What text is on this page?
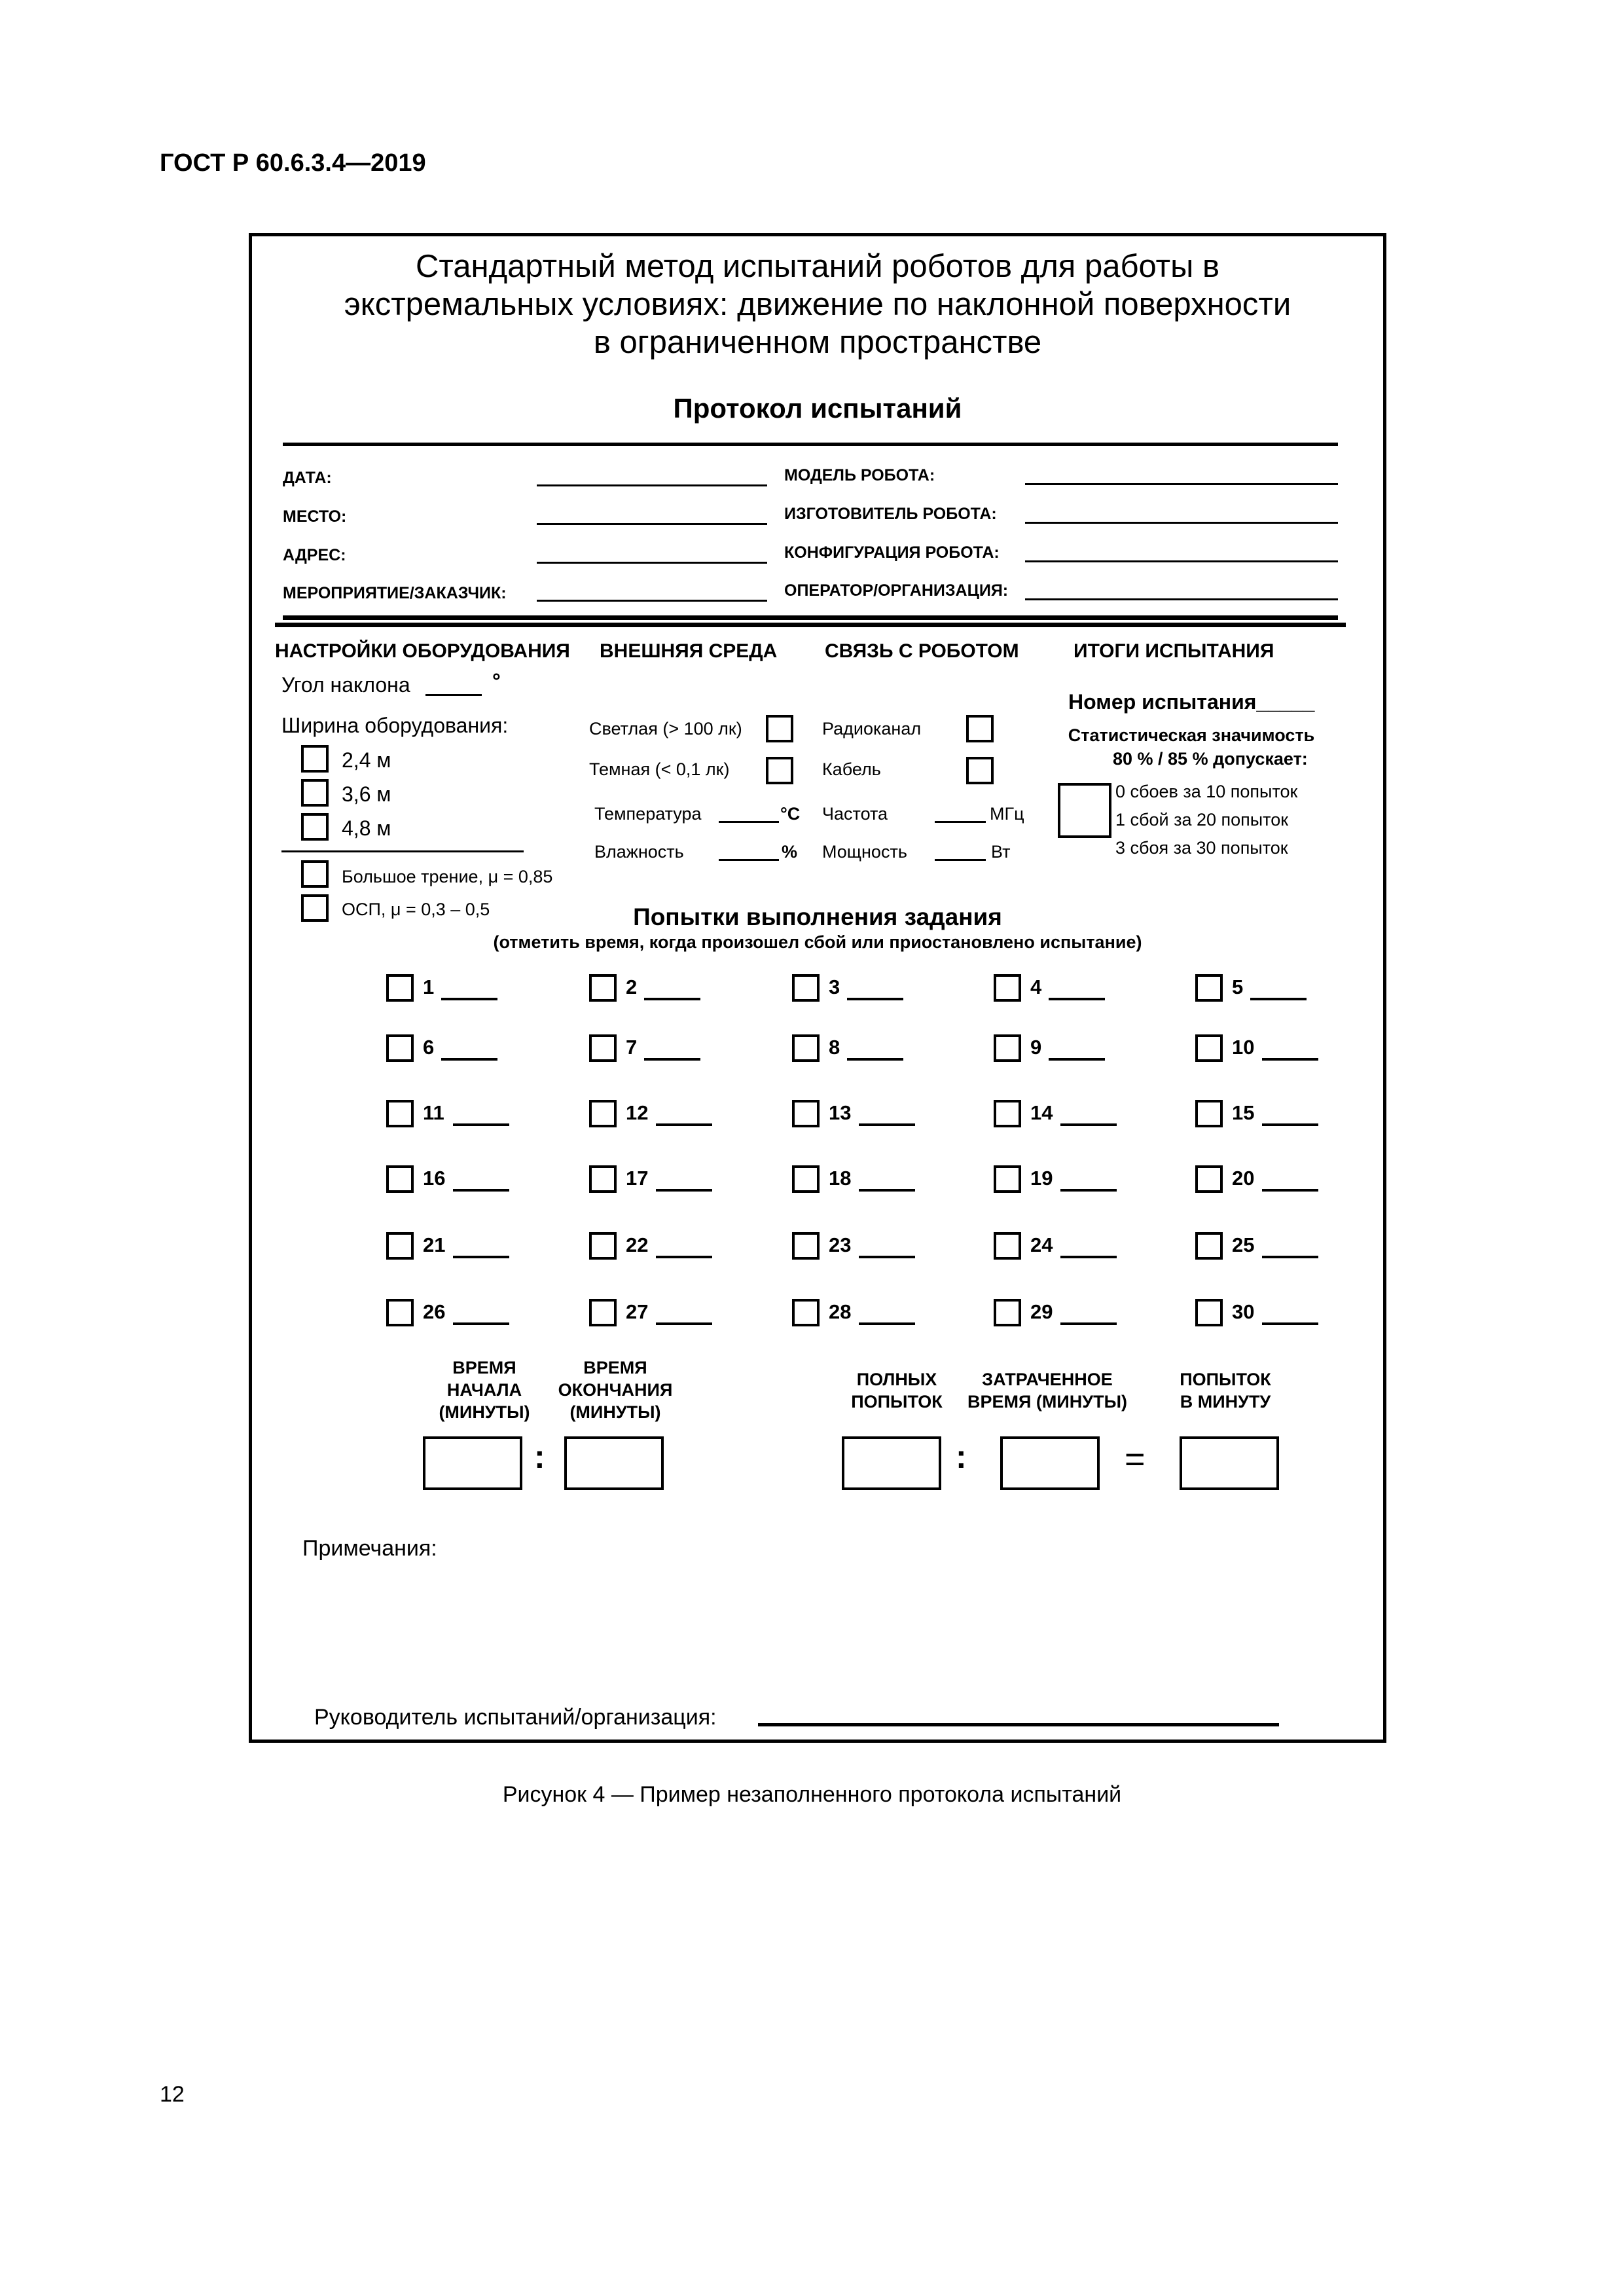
ГОСТ Р 60.6.3.4—2019
Стандартный метод испытаний роботов для работы в
экстремальных условиях: движение по наклонной поверхности
в ограниченном пространстве
Протокол испытаний
ДАТА:
МЕСТО:
АДРЕС:
МЕРОПРИЯТИЕ/ЗАКАЗЧИК:
МОДЕЛЬ РОБОТА:
ИЗГОТОВИТЕЛЬ РОБОТА:
КОНФИГУРАЦИЯ РОБОТА:
ОПЕРАТОР/ОРГАНИЗАЦИЯ:
НАСТРОЙКИ ОБОРУДОВАНИЯ ВНЕШНЯЯ СРЕДА СВЯЗЬ С РОБОТОМ	ИТОГИ ИСПЫТАНИЯ
Угол наклона	°
Ширина оборудования:
2,4 м
3,6 м
4,8 м
Большое трение, μ = 0,85
ОСП, μ = 0,3 – 0,5
Светлая (> 100 лк)
Темная (< 0,1 лк)
Температура	°C
Влажность	%
Радиоканал
Кабель
Частота	МГц
Мощность	Вт
Номер испытания_____
Статистическая значимость
80 % / 85 % допускает:
0 сбоев за 10 попыток
1 сбой за 20 попыток
3 сбоя за 30 попыток
Попытки выполнения задания
(отметить время, когда произошел сбой или приостановлено испытание)
1	2	3	4	5
6	7	8	9	10
11	12	13	14	15
16	17	18	19	20
21	22	23	24	25
26	27	28	29	30
ВРЕМЯ
НАЧАЛА
(МИНУТЫ)
ВРЕМЯ
ОКОНЧАНИЯ
(МИНУТЫ)
ПОЛНЫХ
ПОПЫТОК
ЗАТРАЧЕННОЕ
ВРЕМЯ (МИНУТЫ)
ПОПЫТОК
В МИНУТУ
:	:	=
Примечания:
Руководитель испытаний/организация:
Рисунок 4 — Пример незаполненного протокола испытаний
12
